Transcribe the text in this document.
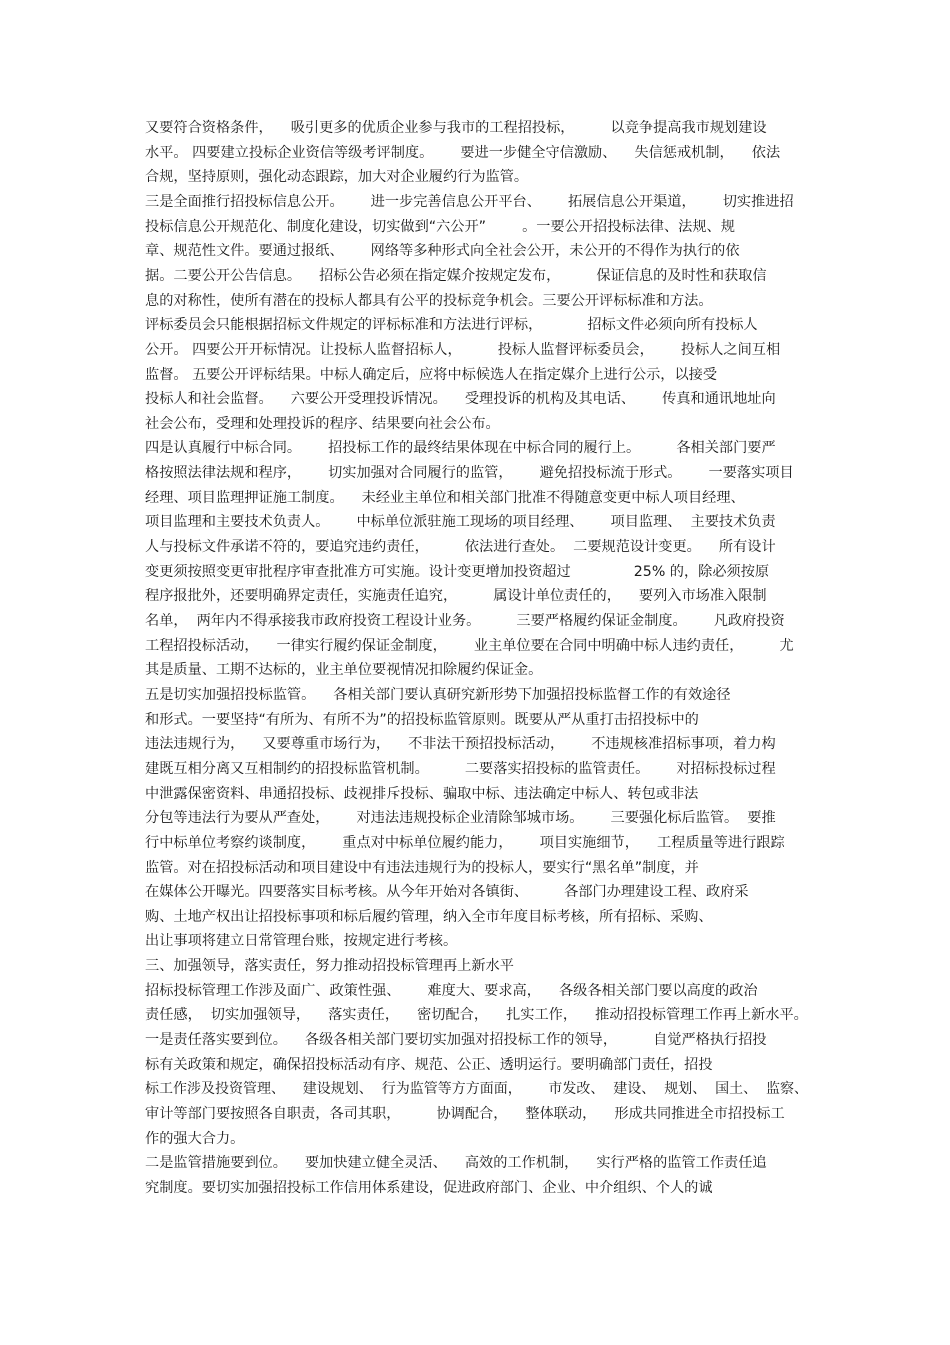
又要符合资格条件，    吸引更多的优质企业参与我市的工程招投标，        以竞争提高我市规划建设
水平。 四要建立投标企业资信等级考评制度。      要进一步健全守信激励、    失信惩戒机制，    依法
合规，坚持原则，强化动态跟踪，加大对企业履约行为监管。
三是全面推行招投标信息公开。      进一步完善信息公开平台、      拓展信息公开渠道，      切实推进招
投标信息公开规范化、制度化建设，切实做到“六公开”        。一要公开招投标法律、法规、规
章、规范性文件。要通过报纸、      网络等多种形式向全社会公开，未公开的不得作为执行的依
据。二要公开公告信息。    招标公告必须在指定媒介按规定发布，        保证信息的及时性和获取信
息的对称性，使所有潜在的投标人都具有公平的投标竞争机会。三要公开评标标准和方法。
评标委员会只能根据招标文件规定的评标标准和方法进行评标，          招标文件必须向所有投标人
公开。 四要公开开标情况。让投标人监督招标人，        投标人监督评标委员会，      投标人之间互相
监督。 五要公开评标结果。中标人确定后，应将中标候选人在指定媒介上进行公示，以接受
投标人和社会监督。    六要公开受理投诉情况。    受理投诉的机构及其电话、      传真和通讯地址向
社会公布，受理和处理投诉的程序、结果要向社会公布。
四是认真履行中标合同。      招投标工作的最终结果体现在中标合同的履行上。        各相关部门要严
格按照法律法规和程序，      切实加强对合同履行的监管，      避免招投标流于形式。      一要落实项目
经理、项目监理押证施工制度。    未经业主单位和相关部门批准不得随意变更中标人项目经理、
项目监理和主要技术负责人。      中标单位派驻施工现场的项目经理、      项目监理、  主要技术负责
人与投标文件承诺不符的，要追究违约责任，        依法进行查处。  二要规范设计变更。    所有设计
变更须按照变更审批程序审查批准方可实施。设计变更增加投资超过              25% 的，除必须按原
程序报批外，还要明确界定责任，实施责任追究，        属设计单位责任的，    要列入市场准入限制
名单，  两年内不得承接我市政府投资工程设计业务。        三要严格履约保证金制度。      凡政府投资
工程招投标活动，    一律实行履约保证金制度，      业主单位要在合同中明确中标人违约责任，        尤
其是质量、工期不达标的，业主单位要视情况扣除履约保证金。
五是切实加强招投标监管。    各相关部门要认真研究新形势下加强招投标监督工作的有效途径
和形式。一要坚持“有所为、有所不为”的招投标监管原则。既要从严从重打击招投标中的
违法违规行为，    又要尊重市场行为，    不非法干预招投标活动，      不违规核准招标事项，着力构
建既互相分离又互相制约的招投标监管机制。        二要落实招投标的监管责任。      对招标投标过程
中泄露保密资料、串通招投标、歧视排斥投标、骗取中标、违法确定中标人、转包或非法
分包等违法行为要从严查处，      对违法违规投标企业清除邹城市场。      三要强化标后监管。  要推
行中标单位考察约谈制度，      重点对中标单位履约能力，      项目实施细节，    工程质量等进行跟踪
监管。对在招投标活动和项目建设中有违法违规行为的投标人，要实行“黑名单”制度，并
在媒体公开曝光。四要落实目标考核。从今年开始对各镇街、        各部门办理建设工程、政府采
购、土地产权出让招投标事项和标后履约管理，纳入全市年度目标考核，所有招标、采购、
出让事项将建立日常管理台账，按规定进行考核。
三、加强领导，落实责任，努力推动招投标管理再上新水平
招标投标管理工作涉及面广、政策性强、      难度大、要求高，    各级各相关部门要以高度的政治
责任感，  切实加强领导，    落实责任，    密切配合，    扎实工作，    推动招投标管理工作再上新水平。
一是责任落实要到位。    各级各相关部门要切实加强对招投标工作的领导，        自觉严格执行招投
标有关政策和规定，确保招投标活动有序、规范、公正、透明运行。要明确部门责任，招投
标工作涉及投资管理、    建设规划、  行为监管等方方面面，      市发改、  建设、  规划、  国土、  监察、
审计等部门要按照各自职责，各司其职，        协调配合，    整体联动，    形成共同推进全市招投标工
作的强大合力。
二是监管措施要到位。    要加快建立健全灵活、    高效的工作机制，    实行严格的监管工作责任追
究制度。要切实加强招投标工作信用体系建设，促进政府部门、企业、中介组织、个人的诚
